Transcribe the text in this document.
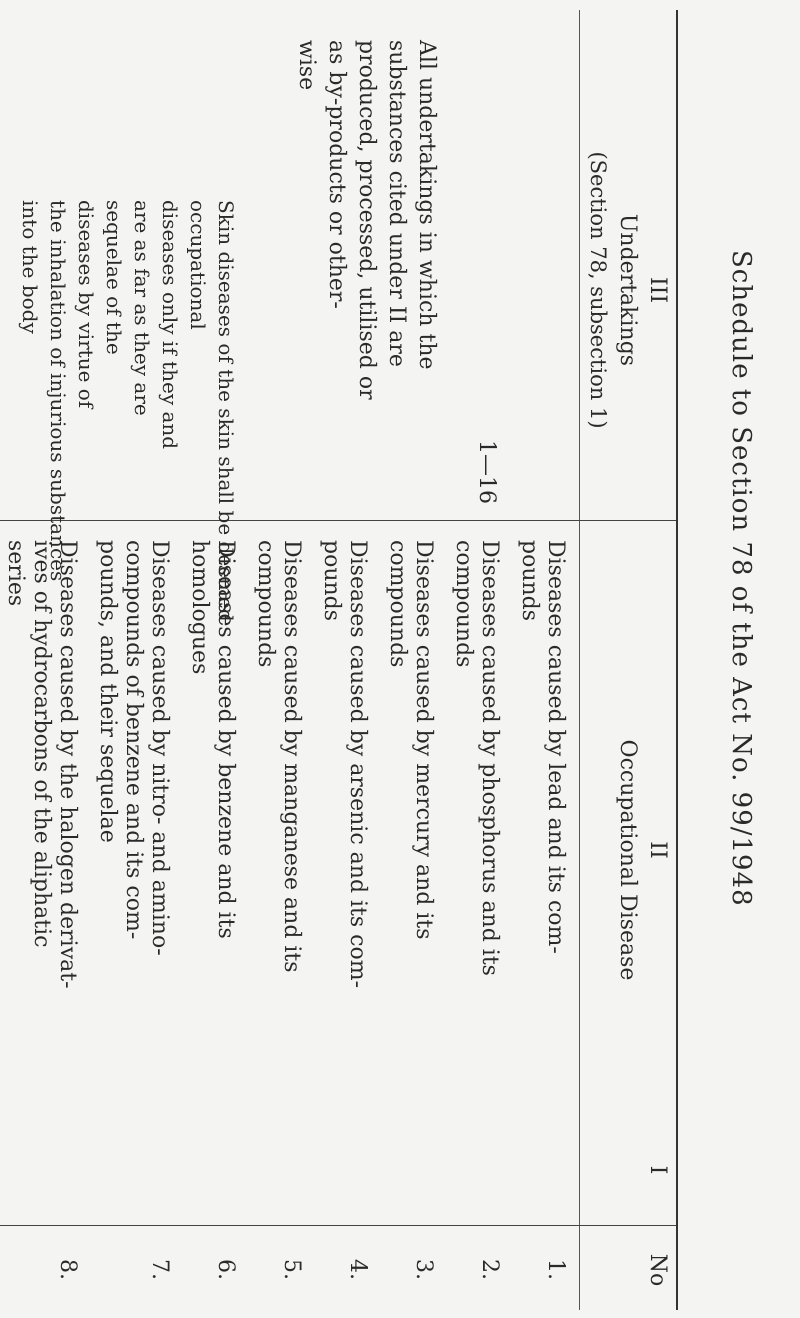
Schedule to Section 78 of the Act No. 99/1948
No
I
II
Occupational Disease
III
Undertakings
(Section 78, subsection 1)
1.
Diseases caused by lead and its com-
pounds
2.
Diseases caused by phosphorus and its
compounds
3.
Diseases caused by mercury and its
compounds
4.
Diseases caused by arsenic and its com-
pounds
5.
Diseases caused by manganese and its
compounds
6.
Diseases caused by benzene and its
homologues
7.
Diseases caused by nitro- and amino-
compounds of benzene and its com-
pounds, and their sequelae
8.
Diseases caused by the halogen derivat-
ives of hydrocarbons of the aliphatic
series
1—16
All undertakings in which the
substances cited under II are
produced, processed, utilised or
as by-products or other-
wise
Skin diseases of the skin shall be deemed
occupational
diseases only if they and
are as far as they are
sequelae of the
diseases by virtue of
the inhalation of injurious substances
into the body
